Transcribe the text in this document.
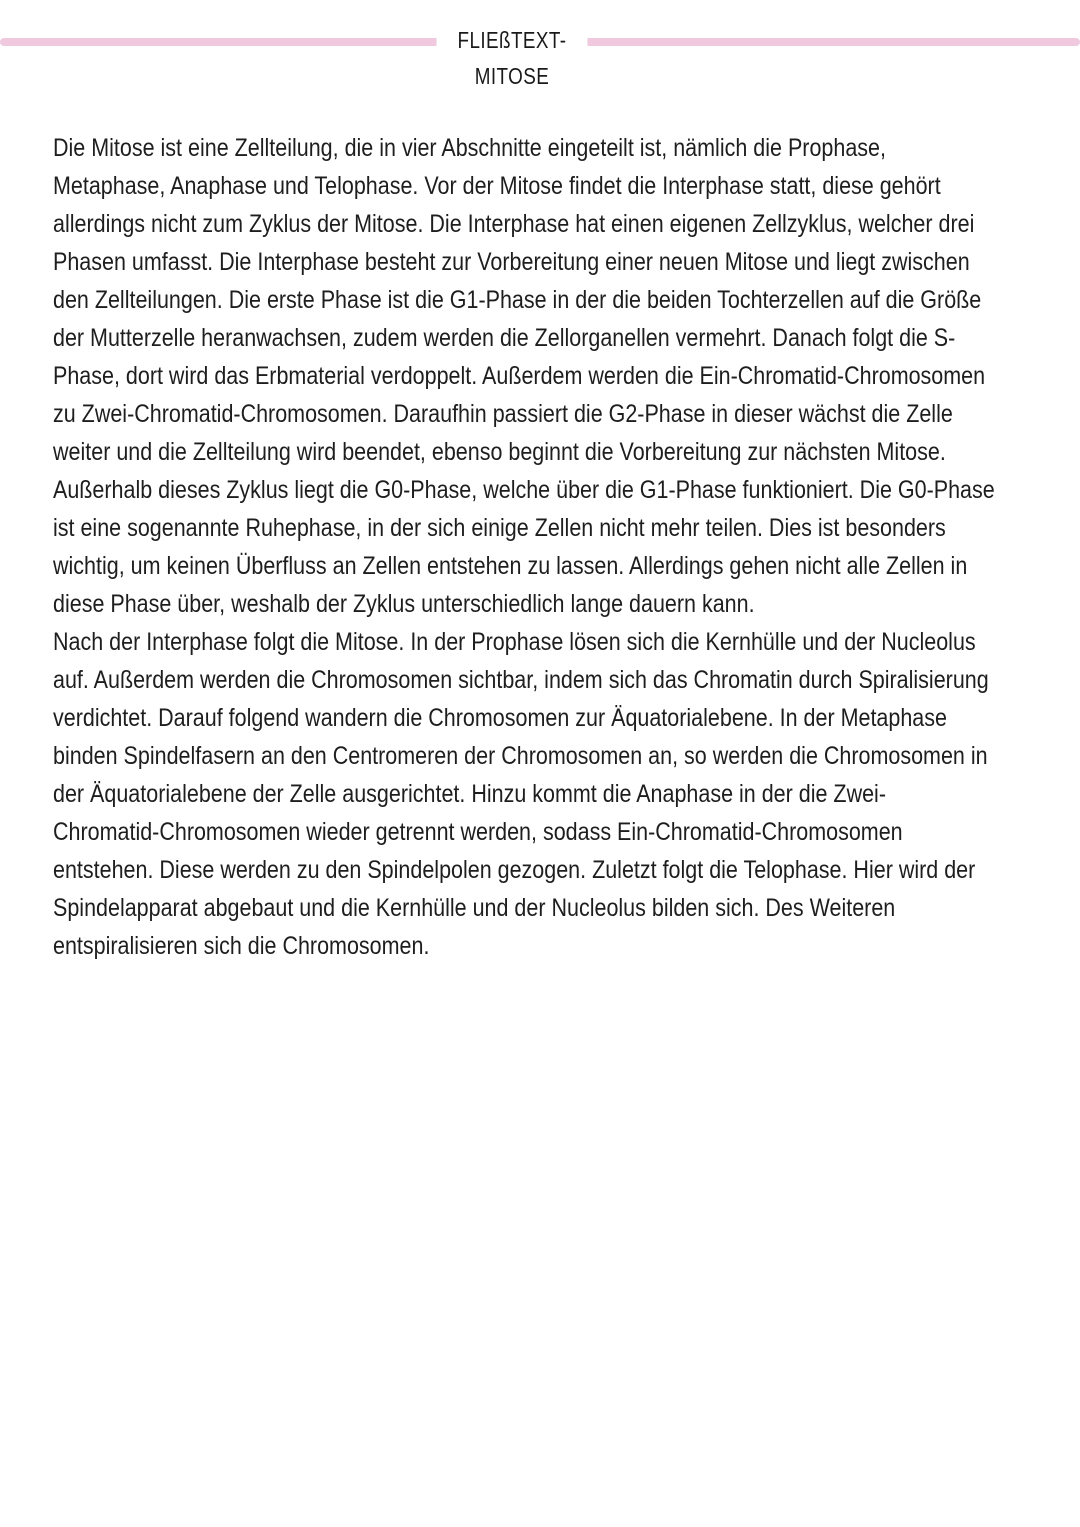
FLIEßTEXT-MITOSE
Die Mitose ist eine Zellteilung, die in vier Abschnitte eingeteilt ist, nämlich die Prophase,
Metaphase, Anaphase und Telophase. Vor der Mitose findet die Interphase statt, diese gehört
allerdings nicht zum Zyklus der Mitose. Die Interphase hat einen eigenen Zellzyklus, welcher drei
Phasen umfasst. Die Interphase besteht zur Vorbereitung einer neuen Mitose und liegt zwischen
den Zellteilungen. Die erste Phase ist die G1-Phase in der die beiden Tochterzellen auf die Größe
der Mutterzelle heranwachsen, zudem werden die Zellorganellen vermehrt. Danach folgt die S-
Phase, dort wird das Erbmaterial verdoppelt. Außerdem werden die Ein-Chromatid-Chromosomen
zu Zwei-Chromatid-Chromosomen. Daraufhin passiert die G2-Phase in dieser wächst die Zelle
weiter und die Zellteilung wird beendet, ebenso beginnt die Vorbereitung zur nächsten Mitose.
Außerhalb dieses Zyklus liegt die G0-Phase, welche über die G1-Phase funktioniert. Die G0-Phase
ist eine sogenannte Ruhephase, in der sich einige Zellen nicht mehr teilen. Dies ist besonders
wichtig, um keinen Überfluss an Zellen entstehen zu lassen. Allerdings gehen nicht alle Zellen in
diese Phase über, weshalb der Zyklus unterschiedlich lange dauern kann.
Nach der Interphase folgt die Mitose. In der Prophase lösen sich die Kernhülle und der Nucleolus
auf. Außerdem werden die Chromosomen sichtbar, indem sich das Chromatin durch Spiralisierung
verdichtet. Darauf folgend wandern die Chromosomen zur Äquatorialebene. In der Metaphase
binden Spindelfasern an den Centromeren der Chromosomen an, so werden die Chromosomen in
der Äquatorialebene der Zelle ausgerichtet. Hinzu kommt die Anaphase in der die Zwei-
Chromatid-Chromosomen wieder getrennt werden, sodass Ein-Chromatid-Chromosomen
entstehen. Diese werden zu den Spindelpolen gezogen. Zuletzt folgt die Telophase. Hier wird der
Spindelapparat abgebaut und die Kernhülle und der Nucleolus bilden sich. Des Weiteren
entspiralisieren sich die Chromosomen.
